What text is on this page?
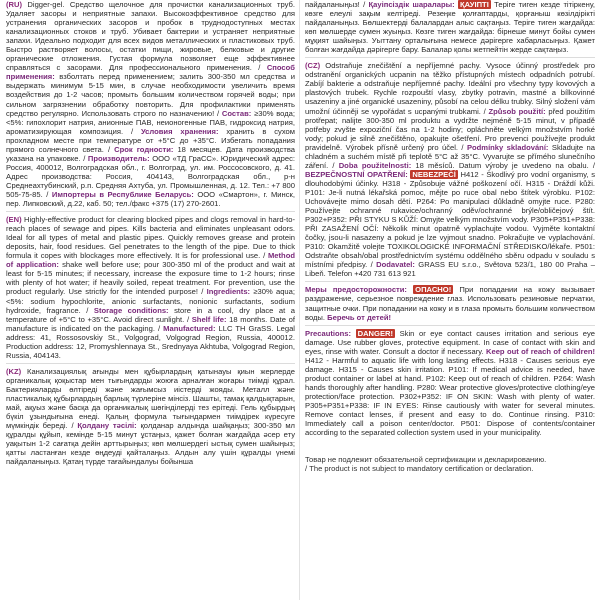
(RU) Digger-gel. Средство щелочное для прочистки канализационных труб. Удаляет засоры и неприятные запахи. Высокоэффективное средство для устранения органических засоров и пробок в труднодоступных местах канализационных стоков и труб. Убивает бактерии и устраняет неприятные запахи. Идеально подходит для всех видов металлических и пластиковых труб. Быстро растворяет волосы, остатки пищи, жировые, белковые и другие органические отложения. Густая формула позволяет еще эффективнее справляться с засорами. Для профессионального применения. / Способ применения: взболтать перед применением; залить 300-350 мл средства и выдержать минимум 5-15 мин, в случае необходимости увеличить время воздействия до 1-2 часов; промыть большим количеством горячей воды; при сильном загрязнении обработку повторить. Для профилактики применять средство регулярно. Использовать строго по назначению! / Состав: ≥30% вода; <5%: гипохлорит натрия, анионные ПАВ, неионогенные ПАВ, гидроксид натрия, ароматизирующая композиция. / Условия хранения: хранить в сухом прохладном месте при температуре от +5°С до +35°С. Избегать попадания прямого солнечного света. / Срок годности: 18 месяцев. Дата производства указана на упаковке. / Производитель: ООО «ТД ГраСС». Юридический адрес: Россия, 400012, Волгоградская обл., г. Волгоград, ул. им. Россосовского, д. 41. Адрес производства: Россия, 404143, Волгоградская обл., р-н Среднеахтубинский, р.п. Средняя Ахтуба, ул. Промышленная, д. 12. Тел.: +7 800 505-75-85. / Импортеры в Республике Беларусь: ООО «Смартон», г. Минск, пер. Липковский, д.22, каб. 50; тел./факс +375 (17) 270-2601.

(EN) Highly-effective product for clearing blocked pipes and clogs removal in hard-to-reach places of sewage and pipes. Kills bacteria and eliminates unpleasant odors. Ideal for all types of metal and plastic pipes. Quickly removes grease and protein deposits, hair, food residues. Gel penetrates to the length of the pipe. Due to thick formula it copes with blockages more effectively. It is for professional use. / Method of application: shake well before use; pour 300-350 ml of the product and wait at least for 5-15 minutes; if necessary, increase the exposure time to 1-2 hours; rinse with plenty of hot water; if heavily soiled, repeat treatment. For prevention, use the product regularly. Use strictly for the intended purpose! / Ingredients: ≥30% aqua; <5%: sodium hypochlorite, anionic surfactants, nonionic surfactants, sodium hydroxide, fragrance. / Storage conditions: store in a cool, dry place at a temperature of +5°C to +35°C. Avoid direct sunlight. / Shelf life: 18 months. Date of manufacture is indicated on the packaging. / Manufactured: LLC TH GraSS. Legal address: 41, Rossosovskiy St., Volgograd, Volgograd Region, Russia, 400012. Production address: 12, Promyshlennaya St., Srednyaya Akhtuba, Volgograd Region, Russia, 404143.

(KZ) Канализациялық ағынды мен құбырлардың қатынауы қиын жерлерде органикалық қоқыстар мен тығындарды жоюға арналған жоғары тиімді құрал. Бактерияларды өлтіреді және жағымсыз иістерді жояды. Металл және пластикалық құбырлардың барлық түрлеріне мінсіз. Шашты, тамақ қалдықтарын, май, ақуыз және басқа да органикалық шөгінділерді тез ерітеді. Гель құбырдың бүкіл ұзындығына енеді. Қалың формула тығындармен тиімдірек күресуге мүмкіндік береді. / Қолдану тәсілі: қолданар алдында шайқаңыз; 300-350 мл құралды құйып, кемінде 5-15 минут ұстаңыз, қажет болған жағдайда әсер ету уақытын 1-2 сағатқа дейін арттырыңыз; көп мөлшердегі ыстық сумен шайыңыз; қатты ластанған кезде өңдеуді қайталаңыз. Алдын алу үшін құралды үнемі пайдаланыңыз. Қатаң түрде тағайындалуы бойынша

пайдаланыңыз! / Қауіпсіздік шаралары: ҚАУІПТІ Теріге тиген кезде тітіркену, көзге елеулі зақым келтіреді. Резеңке қолғаптарды, қорғаныш көзілдірікті пайдаланыңыз. Бөлшектерді балалардан алыс сақтаңыз. Теріге тиген жағдайда: көп мөлшерде сумен жуыңыз. Көзге тиген жағдайда: бірнеше минут бойы сумен мұқият шайыңыз. Уыттану орталығына немесе дәрігерге хабарласыңыз. Қажет болған жағдайда дәрігерге бару. Балалар қолы жетпейтін жерде сақтаңыз.

(CZ) Odstraňuje znečištění a nepříjemné pachy. Vysoce účinný prostředek pro odstranění organických ucpanin na těžko přístupných místech odpadních potrubí. Zabíjí bakterie a odstraňuje nepříjemné pachy. Ideální pro všechny typy kovových a plastových trubek. Rychle rozpouští vlasy, zbytky potravin, mastné a bílkovinné usazeniny a jiné organické usazeniny, působí na celou délku trubky. Silný složení vám umožní účinněji se vypořádat s ucpanými trubkami. / Způsob použití: před použitím protřepat; nalijte 300-350 ml produktu a vydržte nejméně 5-15 minut, v případě potřeby zvyšte expoziční čas na 1-2 hodiny; opláchněte velkým množstvím horké vody; pokud je silně znečištěno, opakujte ošetření. Pro prevenci používejte produkt pravidelně. Výrobek přísně určený pro účel. / Podmínky skladování: Skladujte na chladném a suchém místě při teplotě 5°C až 35°C. Vyvarujte se přímého slunečního záření. / Doba použitelnosti: 18 měsíců. Datum výroby je uvedeno na obalu. / BEZPEČNOSTNÍ OPATŘENÍ: NEBEZPEČÍ H412 - Škodlivý pro vodní organismy, s dlouhodobými účinky. H318 - Způsobuje vážné poškození očí. H315 - Dráždí kůži. P101: Je-li nutná lékařská pomoc, mějte po ruce obal nebo štítek výrobku. P102: Uchovávejte mimo dosah dětí. P264: Po manipulaci důkladně omyjte ruce. P280: Používejte ochranné rukavice/ochranný oděv/ochranné brýle/obličejový štít. P302+P352: PŘI STYKU S KŮŽÍ: Omyjte velkým množstvím vody. P305+P351+P338: PŘI ZASAŽENÍ OČÍ: Několik minut opatrně vyplachujte vodou. Vyjměte kontaktní čočky, jsou-li nasazeny a pokud je lze vyjmout snadno. Pokračujte ve vyplachování. P310: Okamžitě volejte TOXIKOLOGICKÉ INFORMAČNÍ STŘEDISKO/lékaře. P501: Odstraňte obsah/obal prostřednictvím systému oddělného sběru odpadu v souladu s místními předpisy. / Dodavatel: GRASS EU s.r.o., Světova 523/1, 180 00 Praha – Libeň. Telefon +420 731 613 921

Меры предосторожности: ОПАСНО! При попадании на кожу вызывает раздражение, серьезное повреждение глаз. Использовать резиновые перчатки, защитные очки. При попадании на кожу и в глаза промыть большим количеством воды. Беречь от детей!

Precautions: DANGER! Skin or eye contact causes irritation and serious eye damage. Use rubber gloves, protective equipment. In case of contact with skin and eyes, rinse with water. Consult a doctor if necessary. Keep out of reach of children! H412 - Harmful to aquatic life with long lasting effects. H318 - Causes serious eye damage. H315 - Causes skin irritation. P101: If medical advice is needed, have product container or label at hand. P102: Keep out of reach of children. P264: Wash hands thoroughly after handling. P280: Wear protective gloves/protective clothing/eye protection/face protection. P302+P352: IF ON SKIN: Wash with plenty of water. P305+P351+P338: IF IN EYES: Rinse cautiously with water for several minutes. Remove contact lenses, if present and easy to do. Continue rinsing. P310: Immediately call a poison center/doctor. P501: Dispose of contents/container according to the separated collection system used in your municipality.

Товар не подлежит обязательной сертификации и декларированию.
/ The product is not subject to mandatory certification or declaration.
